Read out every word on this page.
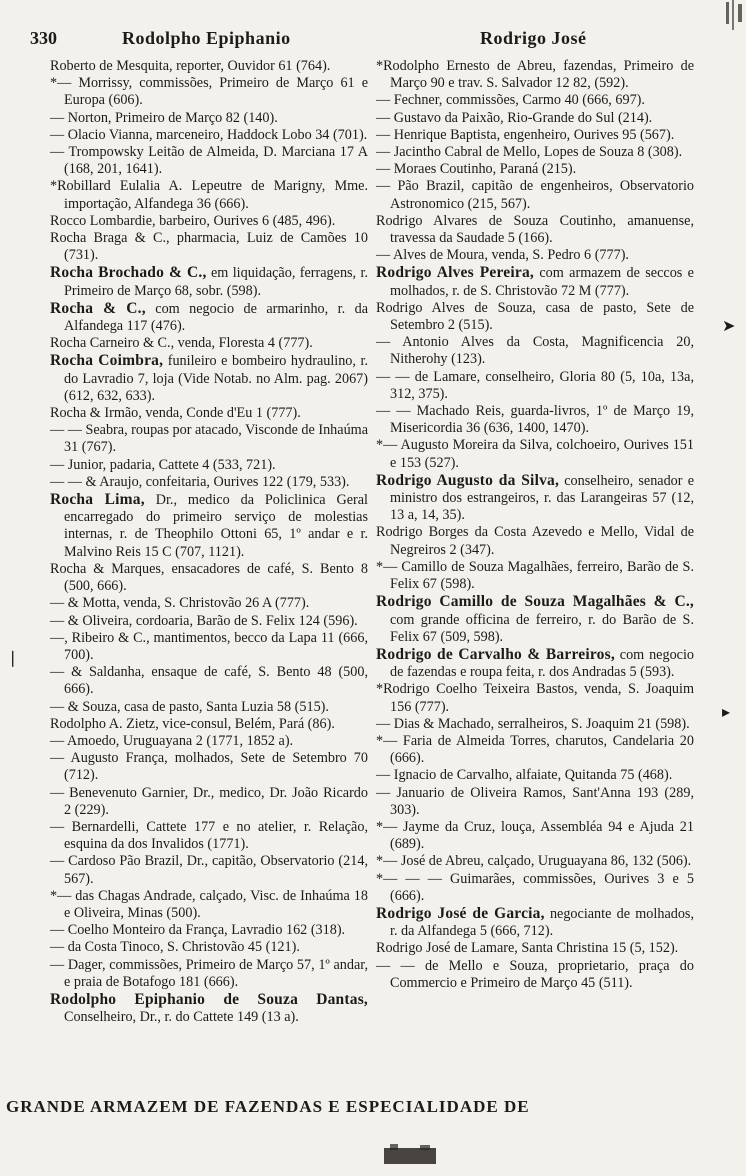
330	Rodolpho Epiphanio	Rodrigo José

Roberto de Mesquita, reporter, Ouvidor 61 (764).

*— Morrissy, commissões, Primeiro de Março 61 e Europa (606).

— Norton, Primeiro de Março 82 (140).

— Olacio Vianna, marceneiro, Haddock Lobo 34 (701).

— Trompowsky Leitão de Almeida, D. Marciana 17 A (168, 201, 1641).

*Robillard Eulalia A. Lepeutre de Marigny, Mme. importação, Alfandega 36 (666).

Rocco Lombardie, barbeiro, Ourives 6 (485, 496).

Rocha Braga & C., pharmacia, Luiz de Camões 10 (731).

Rocha Brochado & C., em liquidação, ferragens, r. Primeiro de Março 68, sobr. (598).

Rocha & C., com negocio de armarinho, r. da Alfandega 117 (476).

Rocha Carneiro & C., venda, Floresta 4 (777).

Rocha Coimbra, funileiro e bombeiro hydraulino, r. do Lavradio 7, loja (Vide Notab. no Alm. pag. 2067) (612, 632, 633).

Rocha & Irmão, venda, Conde d'Eu 1 (777).

— — Seabra, roupas por atacado, Visconde de Inhaúma 31 (767).

— Junior, padaria, Cattete 4 (533, 721).

— — & Araujo, confeitaria, Ourives 122 (179, 533).

Rocha Lima, Dr., medico da Policlinica Geral encarregado do primeiro serviço de molestias internas, r. de Theophilo Ottoni 65, 1º andar e r. Malvino Reis 15 C (707, 1121).

Rocha & Marques, ensacadores de café, S. Bento 8 (500, 666).

— & Motta, venda, S. Christovão 26 A (777).

— & Oliveira, cordoaria, Barão de S. Felix 124 (596).

—, Ribeiro & C., mantimentos, becco da Lapa 11 (666, 700).

— & Saldanha, ensaque de café, S. Bento 48 (500, 666).

— & Souza, casa de pasto, Santa Luzia 58 (515).

Rodolpho A. Zietz, vice-consul, Belém, Pará (86).

— Amoedo, Uruguayana 2 (1771, 1852 a).

— Augusto França, molhados, Sete de Setembro 70 (712).

— Benevenuto Garnier, Dr., medico, Dr. João Ricardo 2 (229).

— Bernardelli, Cattete 177 e no atelier, r. Relação, esquina da dos Invalidos (1771).

— Cardoso Pão Brazil, Dr., capitão, Observatorio (214, 567).

*— das Chagas Andrade, calçado, Visc. de Inhaúma 18 e Oliveira, Minas (500).

— Coelho Monteiro da França, Lavradio 162 (318).

— da Costa Tinoco, S. Christovão 45 (121).

— Dager, commissões, Primeiro de Março 57, 1º andar, e praia de Botafogo 181 (666).

Rodolpho Epiphanio de Souza Dantas, Conselheiro, Dr., r. do Cattete 149 (13 a).

*Rodolpho Ernesto de Abreu, fazendas, Primeiro de Março 90 e trav. S. Salvador 12 82, (592).

— Fechner, commissões, Carmo 40 (666, 697).

— Gustavo da Paixão, Rio-Grande do Sul (214).

— Henrique Baptista, engenheiro, Ourives 95 (567).

— Jacintho Cabral de Mello, Lopes de Souza 8 (308).

— Moraes Coutinho, Paraná (215).

— Pão Brazil, capitão de engenheiros, Observatorio Astronomico (215, 567).

Rodrigo Alvares de Souza Coutinho, amanuense, travessa da Saudade 5 (166).

— Alves de Moura, venda, S. Pedro 6 (777).

Rodrigo Alves Pereira, com armazem de seccos e molhados, r. de S. Christovão 72 M (777).

Rodrigo Alves de Souza, casa de pasto, Sete de Setembro 2 (515).

— Antonio Alves da Costa, Magnificencia 20, Nitherohy (123).

— — de Lamare, conselheiro, Gloria 80 (5, 10a, 13a, 312, 375).

— — Machado Reis, guarda-livros, 1º de Março 19, Misericordia 36 (636, 1400, 1470).

*— Augusto Moreira da Silva, colchoeiro, Ourives 151 e 153 (527).

Rodrigo Augusto da Silva, conselheiro, senador e ministro dos estrangeiros, r. das Larangeiras 57 (12, 13 a, 14, 35).

Rodrigo Borges da Costa Azevedo e Mello, Vidal de Negreiros 2 (347).

*— Camillo de Souza Magalhães, ferreiro, Barão de S. Felix 67 (598).

Rodrigo Camillo de Souza Magalhães & C., com grande officina de ferreiro, r. do Barão de S. Felix 67 (509, 598).

Rodrigo de Carvalho & Barreiros, com negocio de fazendas e roupa feita, r. dos Andradas 5 (593).

*Rodrigo Coelho Teixeira Bastos, venda, S. Joaquim 156 (777).

— Dias & Machado, serralheiros, S. Joaquim 21 (598).

*— Faria de Almeida Torres, charutos, Candelaria 20 (666).

— Ignacio de Carvalho, alfaiate, Quitanda 75 (468).

— Januario de Oliveira Ramos, Sant'Anna 193 (289, 303).

*— Jayme da Cruz, louça, Assembléa 94 e Ajuda 21 (689).

*— José de Abreu, calçado, Uruguayana 86, 132 (506).

*— — — Guimarães, commissões, Ourives 3 e 5 (666).

Rodrigo José de Garcia, negociante de molhados, r. da Alfandega 5 (666, 712).

Rodrigo José de Lamare, Santa Christina 15 (5, 152).

— — de Mello e Souza, proprietario, praça do Commercio e Primeiro de Março 45 (511).

➤
▸
❘
GRANDE ARMAZEM DE FAZENDAS E ESPECIALIDADE DE
